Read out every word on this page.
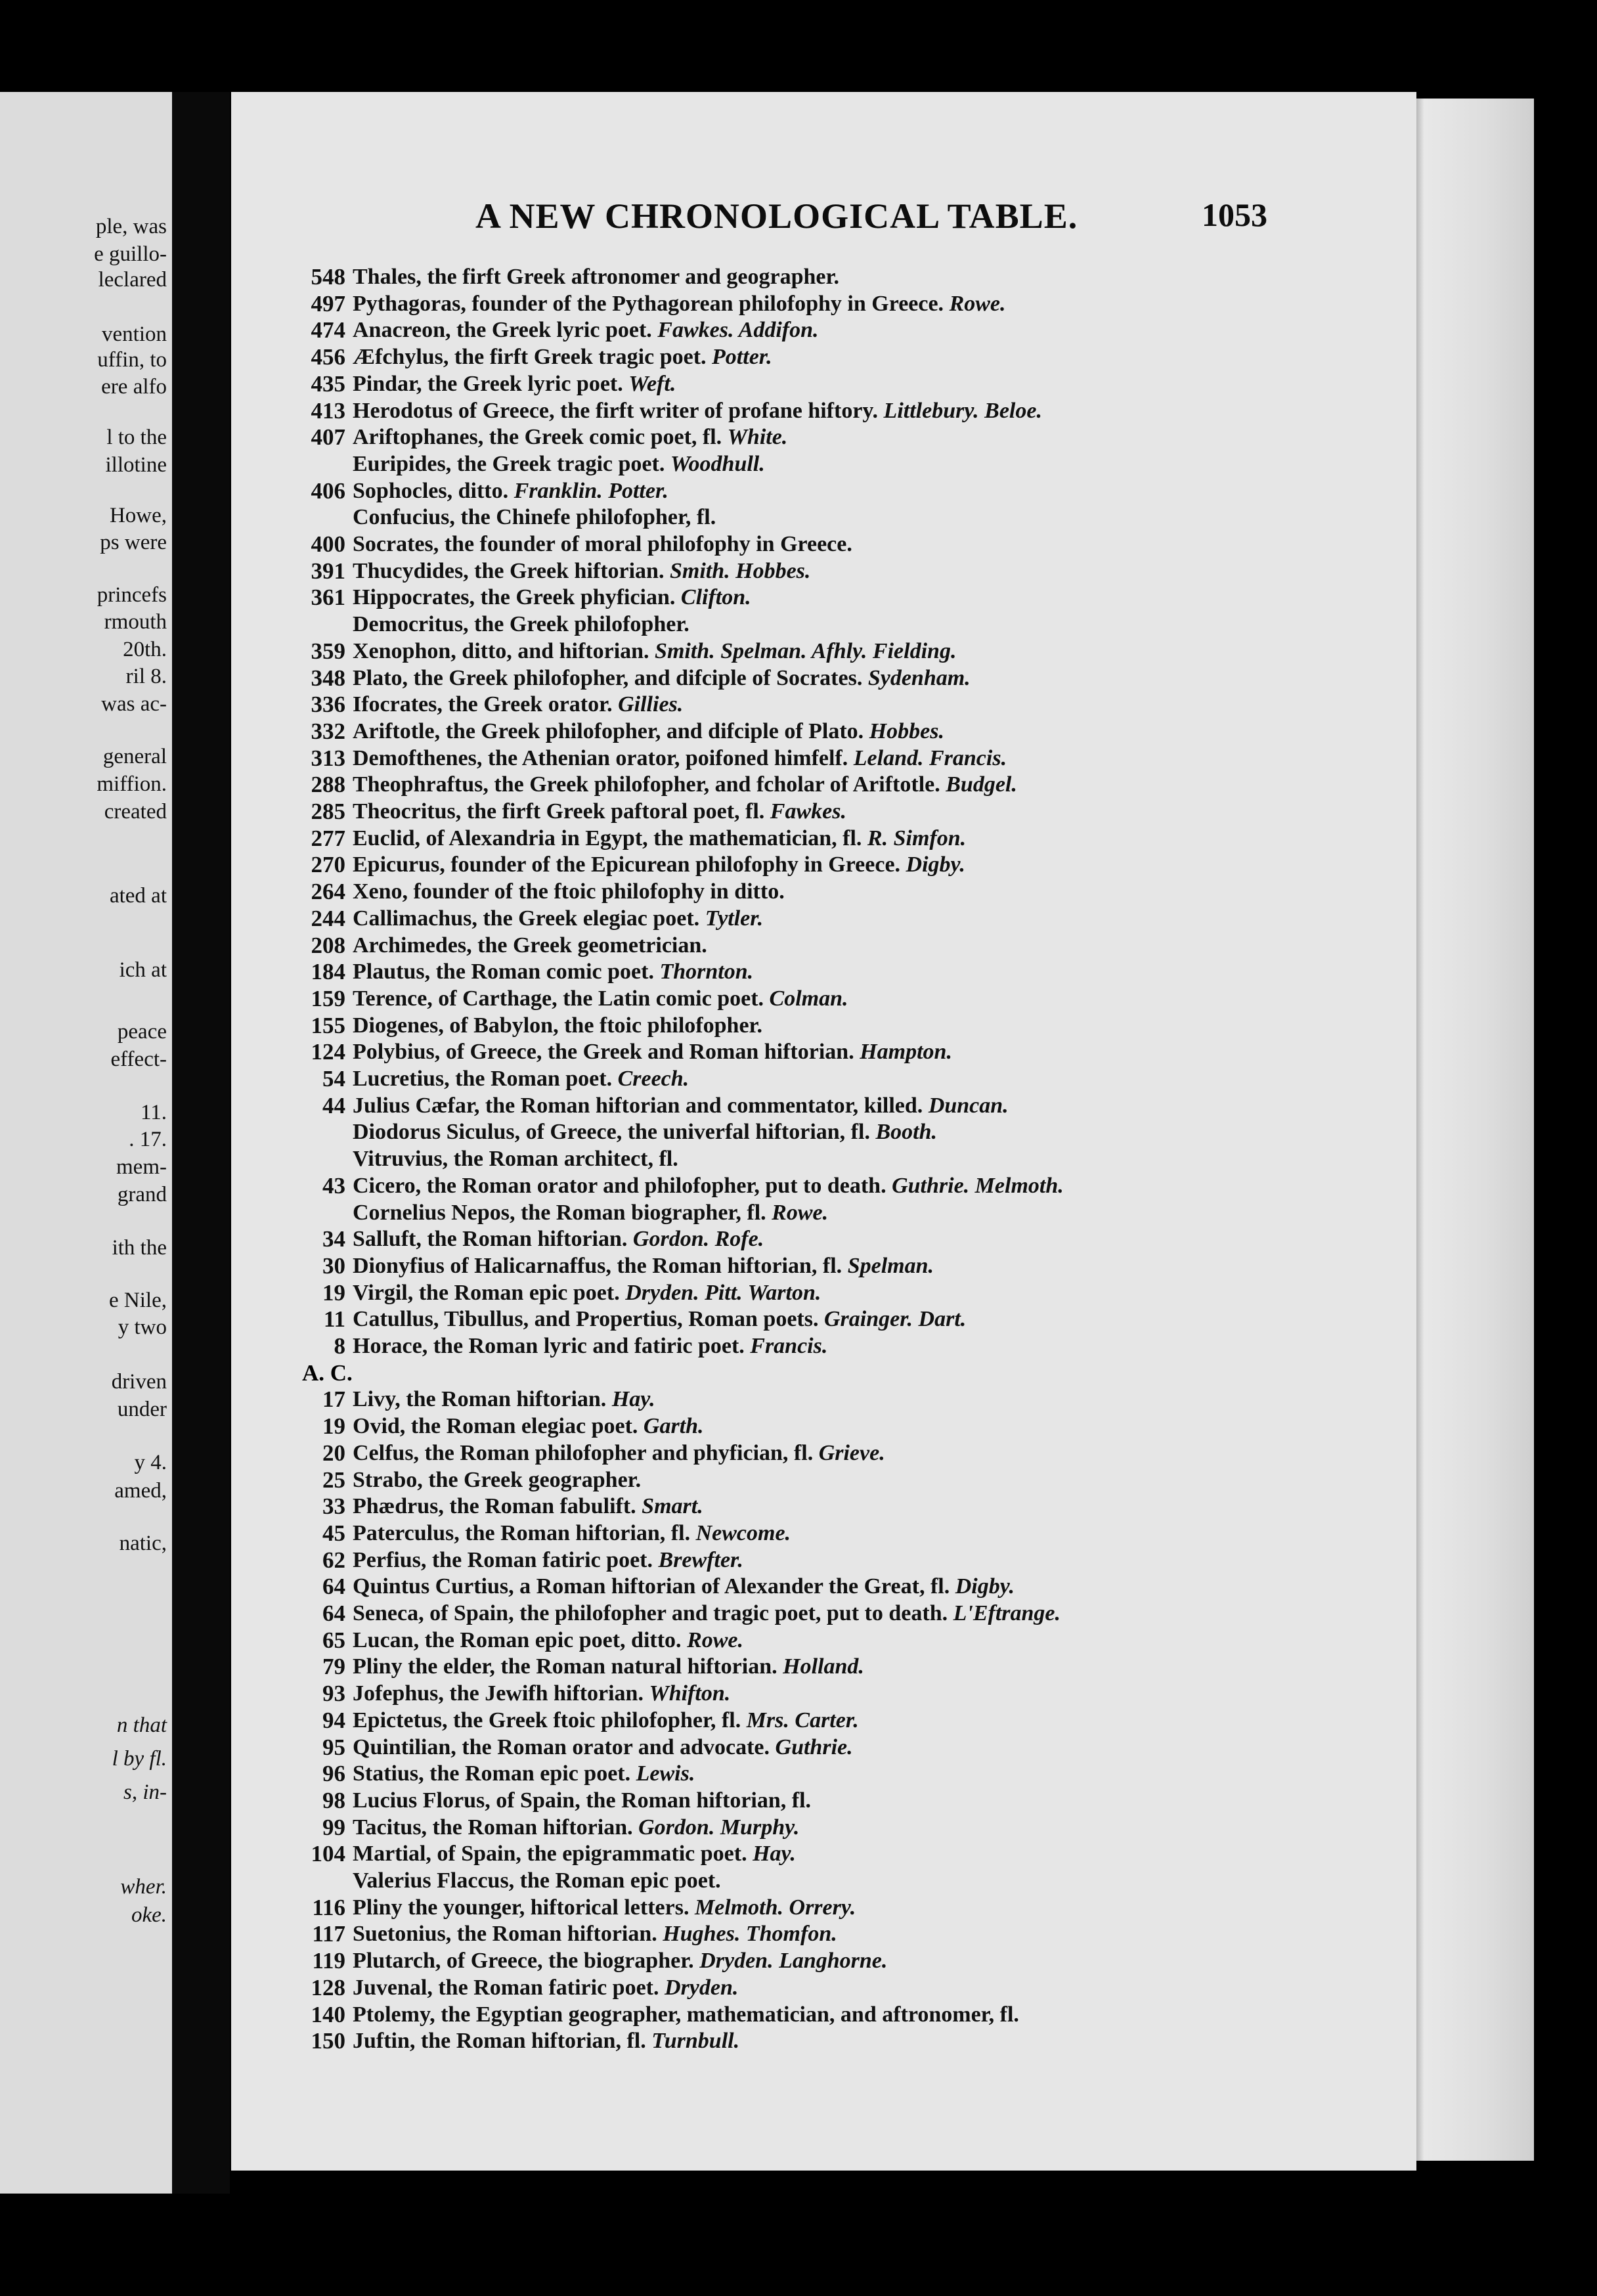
ple, was
e guillo-
leclared
vention
uffin, to
ere alfo
l to the
illotine
Howe,
ps were
princefs
rmouth
20th.
ril 8.
was ac-
general
miffion.
created
ated at
ich at
peace
effect-
11.
. 17.
mem-
grand
ith the
e Nile,
y two
driven
under
y 4.
amed,
natic,
n that
l by fl.
s, in-
wher.
oke.
A NEW CHRONOLOGICAL TABLE.	1053
548 Thales, the firft Greek aftronomer and geographer.
497 Pythagoras, founder of the Pythagorean philofophy in Greece. Rowe.
474 Anacreon, the Greek lyric poet. Fawkes. Addifon.
456 Æfchylus, the firft Greek tragic poet. Potter.
435 Pindar, the Greek lyric poet. Weft.
413 Herodotus of Greece, the firft writer of profane hiftory. Littlebury. Beloe.
407 Ariftophanes, the Greek comic poet, fl. White.
Euripides, the Greek tragic poet. Woodhull.
406 Sophocles, ditto. Franklin. Potter.
Confucius, the Chinefe philofopher, fl.
400 Socrates, the founder of moral philofophy in Greece.
391 Thucydides, the Greek hiftorian. Smith. Hobbes.
361 Hippocrates, the Greek phyfician. Clifton.
Democritus, the Greek philofopher.
359 Xenophon, ditto, and hiftorian. Smith. Spelman. Afhly. Fielding.
348 Plato, the Greek philofopher, and difciple of Socrates. Sydenham.
336 Ifocrates, the Greek orator. Gillies.
332 Ariftotle, the Greek philofopher, and difciple of Plato. Hobbes.
313 Demofthenes, the Athenian orator, poifoned himfelf. Leland. Francis.
288 Theophraftus, the Greek philofopher, and fcholar of Ariftotle. Budgel.
285 Theocritus, the firft Greek paftoral poet, fl. Fawkes.
277 Euclid, of Alexandria in Egypt, the mathematician, fl. R. Simfon.
270 Epicurus, founder of the Epicurean philofophy in Greece. Digby.
264 Xeno, founder of the ftoic philofophy in ditto.
244 Callimachus, the Greek elegiac poet. Tytler.
208 Archimedes, the Greek geometrician.
184 Plautus, the Roman comic poet. Thornton.
159 Terence, of Carthage, the Latin comic poet. Colman.
155 Diogenes, of Babylon, the ftoic philofopher.
124 Polybius, of Greece, the Greek and Roman hiftorian. Hampton.
54 Lucretius, the Roman poet. Creech.
44 Julius Cæfar, the Roman hiftorian and commentator, killed. Duncan.
Diodorus Siculus, of Greece, the univerfal hiftorian, fl. Booth.
Vitruvius, the Roman architect, fl.
43 Cicero, the Roman orator and philofopher, put to death. Guthrie. Melmoth.
Cornelius Nepos, the Roman biographer, fl. Rowe.
34 Salluft, the Roman hiftorian. Gordon. Rofe.
30 Dionyfius of Halicarnaffus, the Roman hiftorian, fl. Spelman.
19 Virgil, the Roman epic poet. Dryden. Pitt. Warton.
11 Catullus, Tibullus, and Propertius, Roman poets. Grainger. Dart.
8 Horace, the Roman lyric and fatiric poet. Francis.
A. C.
17 Livy, the Roman hiftorian. Hay.
19 Ovid, the Roman elegiac poet. Garth.
20 Celfus, the Roman philofopher and phyfician, fl. Grieve.
25 Strabo, the Greek geographer.
33 Phædrus, the Roman fabulift. Smart.
45 Paterculus, the Roman hiftorian, fl. Newcome.
62 Perfius, the Roman fatiric poet. Brewfter.
64 Quintus Curtius, a Roman hiftorian of Alexander the Great, fl. Digby.
64 Seneca, of Spain, the philofopher and tragic poet, put to death. L'Eftrange.
65 Lucan, the Roman epic poet, ditto. Rowe.
79 Pliny the elder, the Roman natural hiftorian. Holland.
93 Jofephus, the Jewifh hiftorian. Whifton.
94 Epictetus, the Greek ftoic philofopher, fl. Mrs. Carter.
95 Quintilian, the Roman orator and advocate. Guthrie.
96 Statius, the Roman epic poet. Lewis.
98 Lucius Florus, of Spain, the Roman hiftorian, fl.
99 Tacitus, the Roman hiftorian. Gordon. Murphy.
104 Martial, of Spain, the epigrammatic poet. Hay.
Valerius Flaccus, the Roman epic poet.
116 Pliny the younger, hiftorical letters. Melmoth. Orrery.
117 Suetonius, the Roman hiftorian. Hughes. Thomfon.
119 Plutarch, of Greece, the biographer. Dryden. Langhorne.
128 Juvenal, the Roman fatiric poet. Dryden.
140 Ptolemy, the Egyptian geographer, mathematician, and aftronomer, fl.
150 Juftin, the Roman hiftorian, fl. Turnbull.
